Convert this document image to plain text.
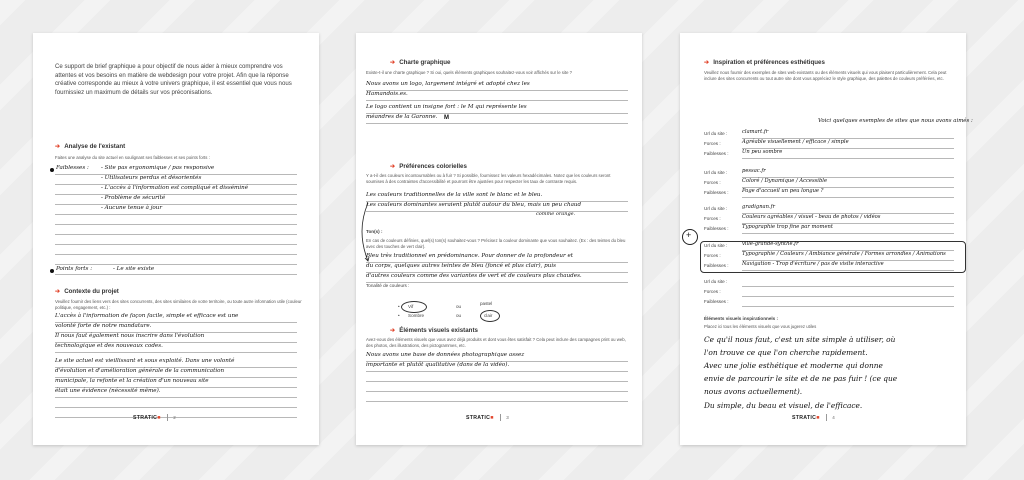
Ce support de brief graphique a pour objectif de nous aider à mieux comprendre vos attentes et vos besoins en matière de webdesign pour votre projet. Afin que la réponse créative corresponde au mieux à votre univers graphique, il est essentiel que vous nous fournissiez un maximum de détails sur vos préconisations.
➔ Analyse de l'existant
Faites une analyse du site actuel en soulignant ses faiblesses et ses points forts :
Faiblesses : - Site pas ergonomique / pas responsive
- Utilisateurs perdus et désorientés
- L'accès à l'information est compliqué et disséminé
- Problème de sécurité
- Aucune tenue à jour
Points forts :	- Le site existe
➔ Contexte du projet
Veuillez fournir des liens vers des sites concurrents, des sites similaires de votre territoire, ou toute autre information utile (couleur politique, engagement, etc.) :
L'accès à l'information de façon facile, simple et efficace est une
volonté forte de notre mandature.
Il nous faut également nous inscrire dans l'évolution
technologique et des nouveaux codes.
Le site actuel est vieillissant et sous exploité. Dans une volonté
d'évolution et d'amélioration générale de la communication
municipale, la refonte et la création d'un nouveau site
était une évidence (nécessité même).
STRATIC■	2
➔ Charte graphique
Existe-t-il une charte graphique ? Si oui, quels éléments graphiques souhaitez-vous voir affichés sur le site ?
Nous avons un logo, largement intégré et adopté chez les
Hamandois.es.
Le logo contient un insigne fort : le M qui représente les
méandres de la Garonne. M
➔ Préférences colorielles
Y a-t-il des couleurs incontournables ou à fuir ? Si possible, fournissez les valeurs hexadécimales. Notez que les couleurs seront soumises à des contraintes d'accessibilité et pourront être ajustées pour respecter les taux de contraste requis.
Les couleurs traditionnelles de la ville sont le blanc et le bleu.
Les couleurs dominantes seraient plutôt autour du bleu, mais un peu chaud
comme orange.
Ton(s) :
En cas de couleurs définies, quel(s) ton(s) souhaitez-vous ? Précisez la couleur dominante que vous souhaitez. (Ex : des teintes du bleu avec des touches de vert clair).
Bleu très traditionnel en prédominance. Pour donner de la profondeur et
du corps, quelques autres teintes de bleu (foncé et plus clair), puis
d'autres couleurs comme des variantes de vert et de couleurs plus chaudes.
Tonalité de couleurs :
• Vif	ou
pastel
• Sombre	ou	clair
➔ Éléments visuels existants
Avez-vous des éléments visuels que vous avez déjà produits et dont vous êtes satisfait ? Cela peut inclure des campagnes print ou web, des photos, des illustrations, des pictogrammes, etc.
Nous avons une base de données photographique assez
importante et plutôt qualitative (dans de la vidéo).
STRATIC■	3
➔ Inspiration et préférences esthétiques
Veuillez nous fournir des exemples de sites web existants ou des éléments visuels qui vous plaisent particulièrement. Cela peut inclure des sites concurrents ou tout autre site dont vous appréciez le style graphique, des palettes de couleurs préférées, etc.
Voici quelques exemples de sites que nous avons aimés :
+
Éléments visuels inspirationnels :
Placez ici tous les éléments visuels que vous jugerez utiles
Ce qu'il nous faut, c'est un site simple à utiliser, où
l'on trouve ce que l'on cherche rapidement.
Avec une jolie esthétique et moderne qui donne
envie de parcourir le site et de ne pas fuir ! (ce que
nous avons actuellement).
Du simple, du beau et visuel, de l'efficace.
STRATIC■	4
Url du site :	clamart.fr
Forces :	Agréable visuellement / efficace / simple
Faiblesses :	Un peu sombre
Url du site :	pessac.fr
Forces :	Coloré / Dynamique / Accessible
Faiblesses :	Page d'accueil un peu longue ?
Url du site :	gradignan.fr
Forces :	Couleurs agréables / visuel - beau de photos / vidéos
Faiblesses :	Typographie trop fine par moment
Url du site :	ville-grande-synthe.fr
Forces :	Typographie / Couleurs / Ambiance générale / Formes arrondies / Animations
Faiblesses :	Navigation - Trop d'écriture / pas de visite interactive
Url du site :
Forces :
Faiblesses :
